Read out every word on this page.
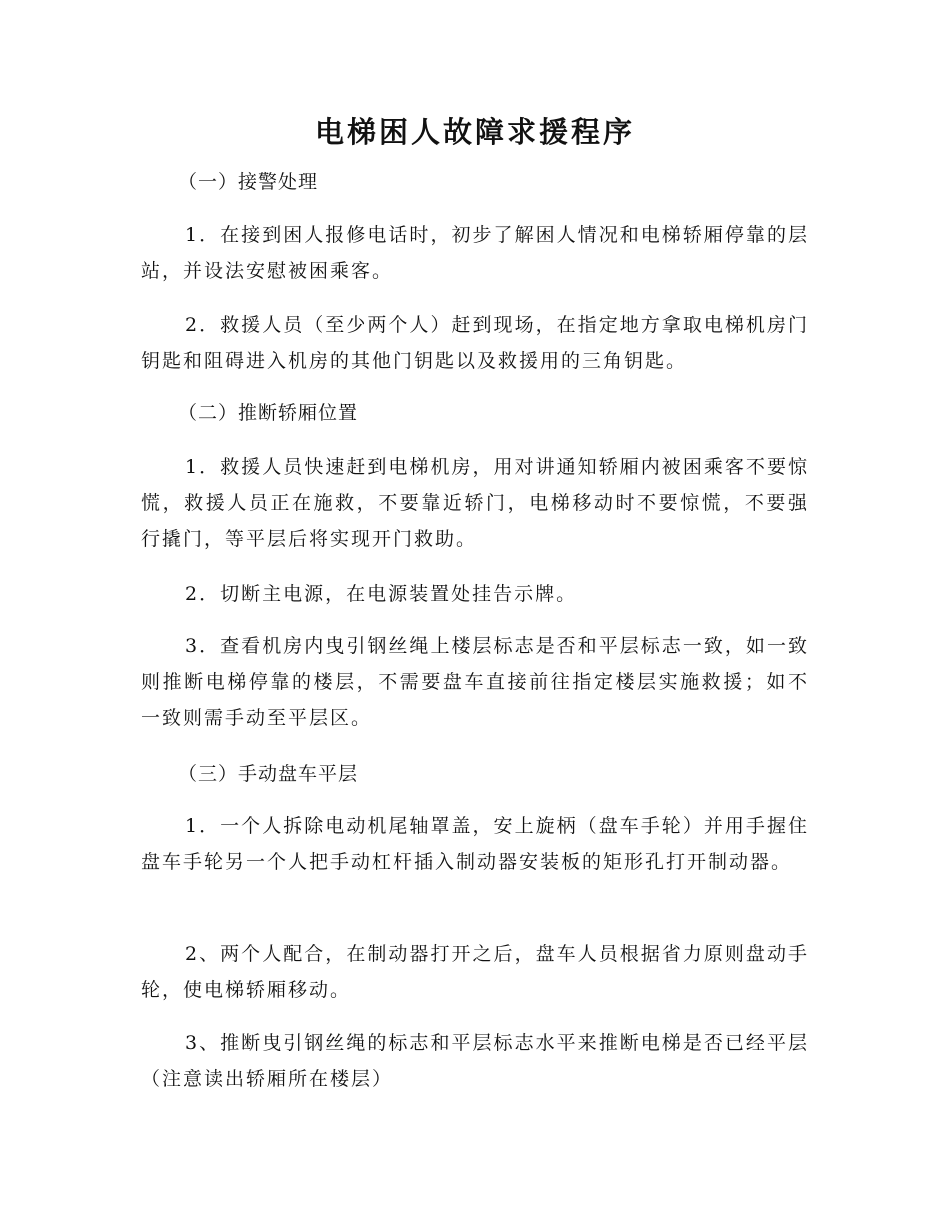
电梯困人故障求援程序

（一）接警处理

1．在接到困人报修电话时，初步了解困人情况和电梯轿厢停靠的层站，并设法安慰被困乘客。

2．救援人员（至少两个人）赶到现场，在指定地方拿取电梯机房门钥匙和阻碍进入机房的其他门钥匙以及救援用的三角钥匙。

（二）推断轿厢位置

1．救援人员快速赶到电梯机房，用对讲通知轿厢内被困乘客不要惊慌，救援人员正在施救，不要靠近轿门，电梯移动时不要惊慌，不要强行撬门，等平层后将实现开门救助。

2．切断主电源，在电源装置处挂告示牌。

3．查看机房内曳引钢丝绳上楼层标志是否和平层标志一致，如一致则推断电梯停靠的楼层，不需要盘车直接前往指定楼层实施救援；如不一致则需手动至平层区。

（三）手动盘车平层

1．一个人拆除电动机尾轴罩盖，安上旋柄（盘车手轮）并用手握住盘车手轮另一个人把手动杠杆插入制动器安装板的矩形孔打开制动器。

2、两个人配合，在制动器打开之后，盘车人员根据省力原则盘动手轮，使电梯轿厢移动。

3、推断曳引钢丝绳的标志和平层标志水平来推断电梯是否已经平层（注意读出轿厢所在楼层）
